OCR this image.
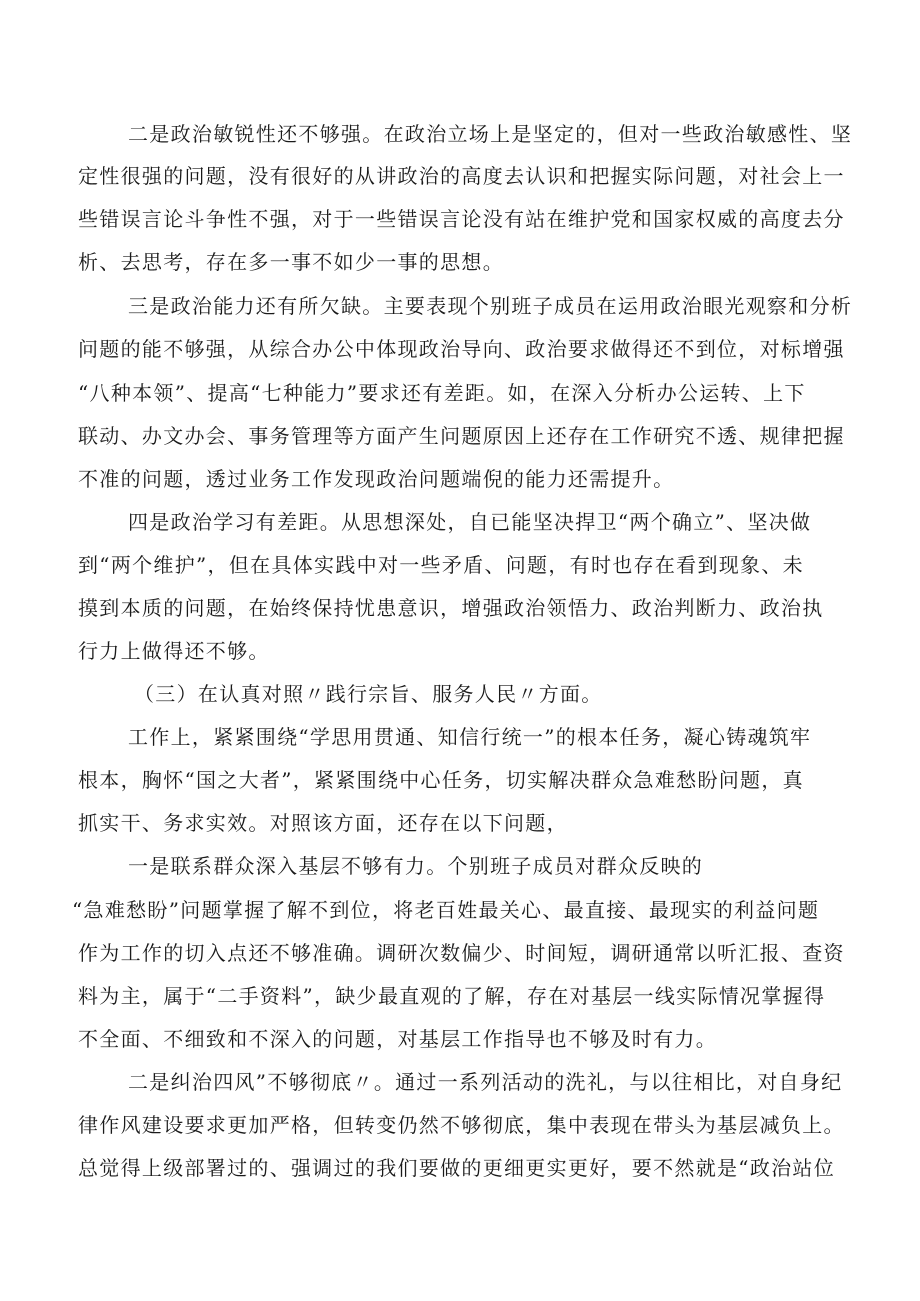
二是政治敏锐性还不够强。在政治立场上是坚定的，但对一些政治敏感性、坚
定性很强的问题，没有很好的从讲政治的高度去认识和把握实际问题，对社会上一
些错误言论斗争性不强，对于一些错误言论没有站在维护党和国家权威的高度去分
析、去思考，存在多一事不如少一事的思想。
三是政治能力还有所欠缺。主要表现个别班子成员在运用政治眼光观察和分析
问题的能不够强，从综合办公中体现政治导向、政治要求做得还不到位，对标增强
“八种本领”、提高“七种能力”要求还有差距。如，在深入分析办公运转、上下
联动、办文办会、事务管理等方面产生问题原因上还存在工作研究不透、规律把握
不准的问题，透过业务工作发现政治问题端倪的能力还需提升。
四是政治学习有差距。从思想深处，自已能坚决捍卫“两个确立”、坚决做
到“两个维护”，但在具体实践中对一些矛盾、问题，有时也存在看到现象、未
摸到本质的问题，在始终保持忧患意识，增强政治领悟力、政治判断力、政治执
行力上做得还不够。
（三）在认真对照〃践行宗旨、服务人民〃方面。
工作上，紧紧围绕“学思用贯通、知信行统一”的根本任务，凝心铸魂筑牢
根本，胸怀“国之大者”，紧紧围绕中心任务，切实解决群众急难愁盼问题，真
抓实干、务求实效。对照该方面，还存在以下问题，
一是联系群众深入基层不够有力。个别班子成员对群众反映的
“急难愁盼”问题掌握了解不到位，将老百姓最关心、最直接、最现实的利益问题
作为工作的切入点还不够准确。调研次数偏少、时间短，调研通常以听汇报、查资
料为主，属于“二手资料”，缺少最直观的了解，存在对基层一线实际情况掌握得
不全面、不细致和不深入的问题，对基层工作指导也不够及时有力。
二是纠治四风”不够彻底〃。通过一系列活动的洗礼，与以往相比，对自身纪
律作风建设要求更加严格，但转变仍然不够彻底，集中表现在带头为基层减负上。
总觉得上级部署过的、强调过的我们要做的更细更实更好，要不然就是“政治站位
